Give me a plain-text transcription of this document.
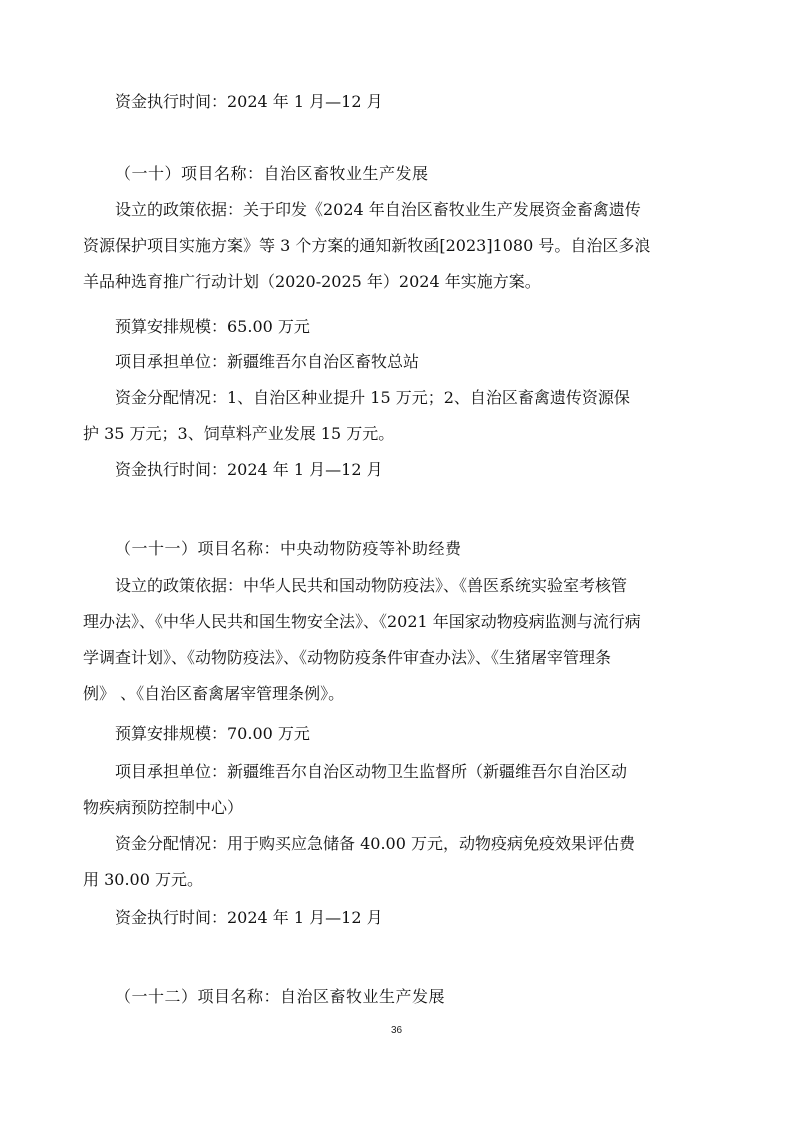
资金执行时间：2024 年 1 月—12 月
（一十）项目名称：自治区畜牧业生产发展
设立的政策依据：关于印发《2024 年自治区畜牧业生产发展资金畜禽遗传
资源保护项目实施方案》等 3 个方案的通知新牧函[2023]1080 号。自治区多浪
羊品种选育推广行动计划（2020-2025 年）2024 年实施方案。
预算安排规模：65.00 万元
项目承担单位：新疆维吾尔自治区畜牧总站
资金分配情况：1、自治区种业提升 15 万元；2、自治区畜禽遗传资源保
护 35 万元；3、饲草料产业发展 15 万元。
资金执行时间：2024 年 1 月—12 月
（一十一）项目名称：中央动物防疫等补助经费
设立的政策依据：中华人民共和国动物防疫法》、《兽医系统实验室考核管
理办法》、《中华人民共和国生物安全法》、《2021 年国家动物疫病监测与流行病
学调查计划》、《动物防疫法》、《动物防疫条件审查办法》、《生猪屠宰管理条
例》 、《自治区畜禽屠宰管理条例》。
预算安排规模：70.00 万元
项目承担单位：新疆维吾尔自治区动物卫生监督所（新疆维吾尔自治区动
物疾病预防控制中心）
资金分配情况：用于购买应急储备 40.00 万元，动物疫病免疫效果评估费
用 30.00 万元。
资金执行时间：2024 年 1 月—12 月
（一十二）项目名称：自治区畜牧业生产发展
36
